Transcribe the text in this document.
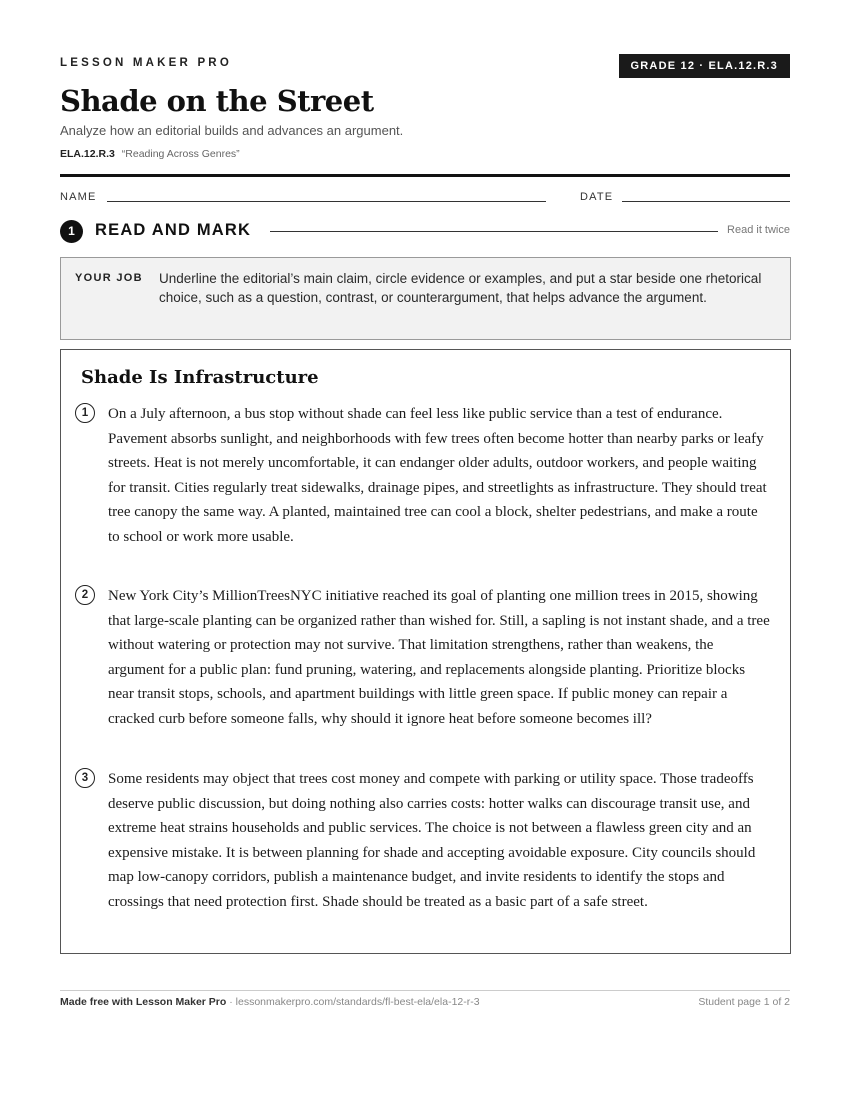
LESSON MAKER PRO	GRADE 12 · ELA.12.R.3
Shade on the Street
Analyze how an editorial builds and advances an argument.
ELA.12.R.3 “Reading Across Genres”
NAME	DATE
1	READ AND MARK	Read it twice
YOUR JOB Underline the editorial’s main claim, circle evidence or examples, and put a star beside one rhetorical choice, such as a question, contrast, or counterargument, that helps advance the argument.
Shade Is Infrastructure
1	On a July afternoon, a bus stop without shade can feel less like public service than a test of endurance. Pavement absorbs sunlight, and neighborhoods with few trees often become hotter than nearby parks or leafy streets. Heat is not merely uncomfortable, it can endanger older adults, outdoor workers, and people waiting for transit. Cities regularly treat sidewalks, drainage pipes, and streetlights as infrastructure. They should treat tree canopy the same way. A planted, maintained tree can cool a block, shelter pedestrians, and make a route to school or work more usable.
2	New York City’s MillionTreesNYC initiative reached its goal of planting one million trees in 2015, showing that large-scale planting can be organized rather than wished for. Still, a sapling is not instant shade, and a tree without watering or protection may not survive. That limitation strengthens, rather than weakens, the argument for a public plan: fund pruning, watering, and replacements alongside planting. Prioritize blocks near transit stops, schools, and apartment buildings with little green space. If public money can repair a cracked curb before someone falls, why should it ignore heat before someone becomes ill?
3	Some residents may object that trees cost money and compete with parking or utility space. Those tradeoffs deserve public discussion, but doing nothing also carries costs: hotter walks can discourage transit use, and extreme heat strains households and public services. The choice is not between a flawless green city and an expensive mistake. It is between planning for shade and accepting avoidable exposure. City councils should map low-canopy corridors, publish a maintenance budget, and invite residents to identify the stops and crossings that need protection first. Shade should be treated as a basic part of a safe street.
Made free with Lesson Maker Pro · lessonmakerpro.com/standards/fl-best-ela/ela-12-r-3	Student page 1 of 2
